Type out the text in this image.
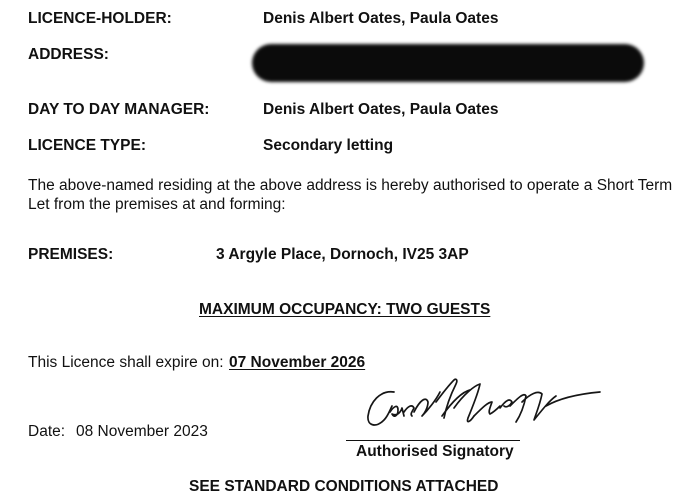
LICENCE-HOLDER:	Denis Albert Oates, Paula Oates
ADDRESS:
DAY TO DAY MANAGER:	Denis Albert Oates, Paula Oates
LICENCE TYPE:	Secondary letting
The above-named residing at the above address is hereby authorised to operate a Short Term Let from the premises at and forming:
PREMISES:	3 Argyle Place, Dornoch, IV25 3AP
MAXIMUM OCCUPANCY: TWO GUESTS
This Licence shall expire on: 07 November 2026
Date: 08 November 2023
Authorised Signatory
SEE STANDARD CONDITIONS ATTACHED
